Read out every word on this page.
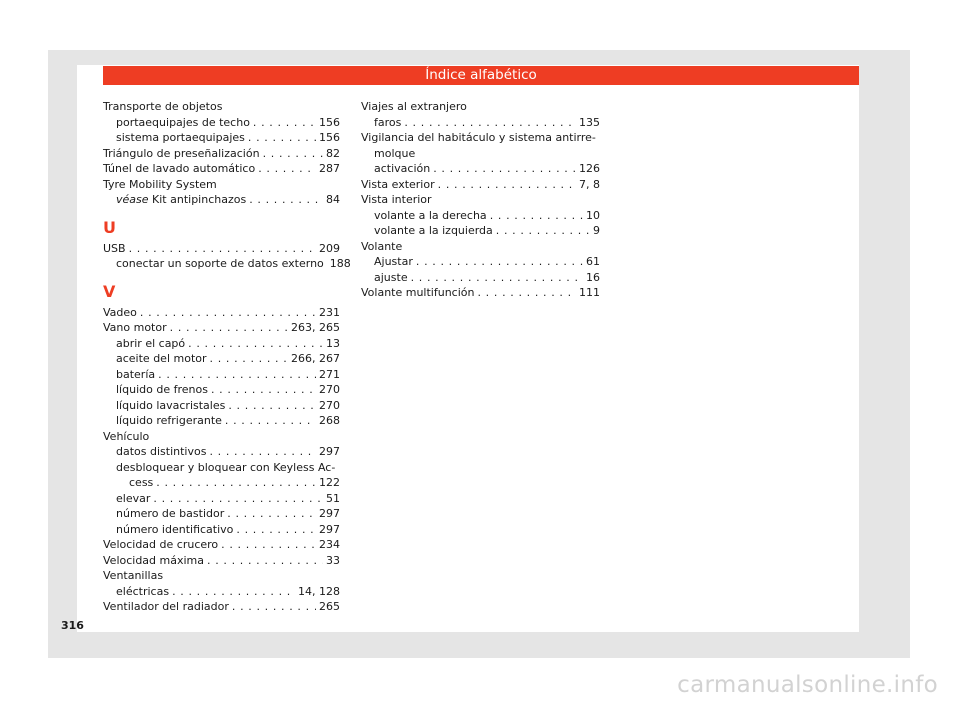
Índice alfabético
Transporte de objetos
portaequipajes de techo . . .	156
sistema portaequipajes . . .	156
Triángulo de preseñalización . . .	82
Túnel de lavado automático . . .	287
Tyre Mobility System
véase
Kit antipinchazos . . .	84
U
USB . . .	209
conectar un soporte de datos externo 188
V
Vadeo . . .	231
Vano motor . . .	263, 265
abrir el capó . . .	13
aceite del motor . . .	266, 267
batería . . .	271
líquido de frenos . . .	270
líquido lavacristales . . .	270
líquido refrigerante . . .	268
Vehículo
datos distintivos . . .	297
desbloquear y bloquear con Keyless Ac-
cess . . .	122
elevar . . .	51
número de bastidor . . .	297
número identificativo . . .	297
Velocidad de crucero . . .	234
Velocidad máxima . . .	33
Ventanillas
eléctricas . . .	14, 128
Ventilador del radiador . . .	265
Viajes al extranjero
faros . . .	135
Vigilancia del habitáculo y sistema antirre-
molque
activación . . .	126
Vista exterior . . .	7, 8
Vista interior
volante a la derecha . . .	10
volante a la izquierda . . .	9
Volante
Ajustar . . .	61
ajuste . . .	16
Volante multifunción . . .	111
316
carmanualsonline.info
